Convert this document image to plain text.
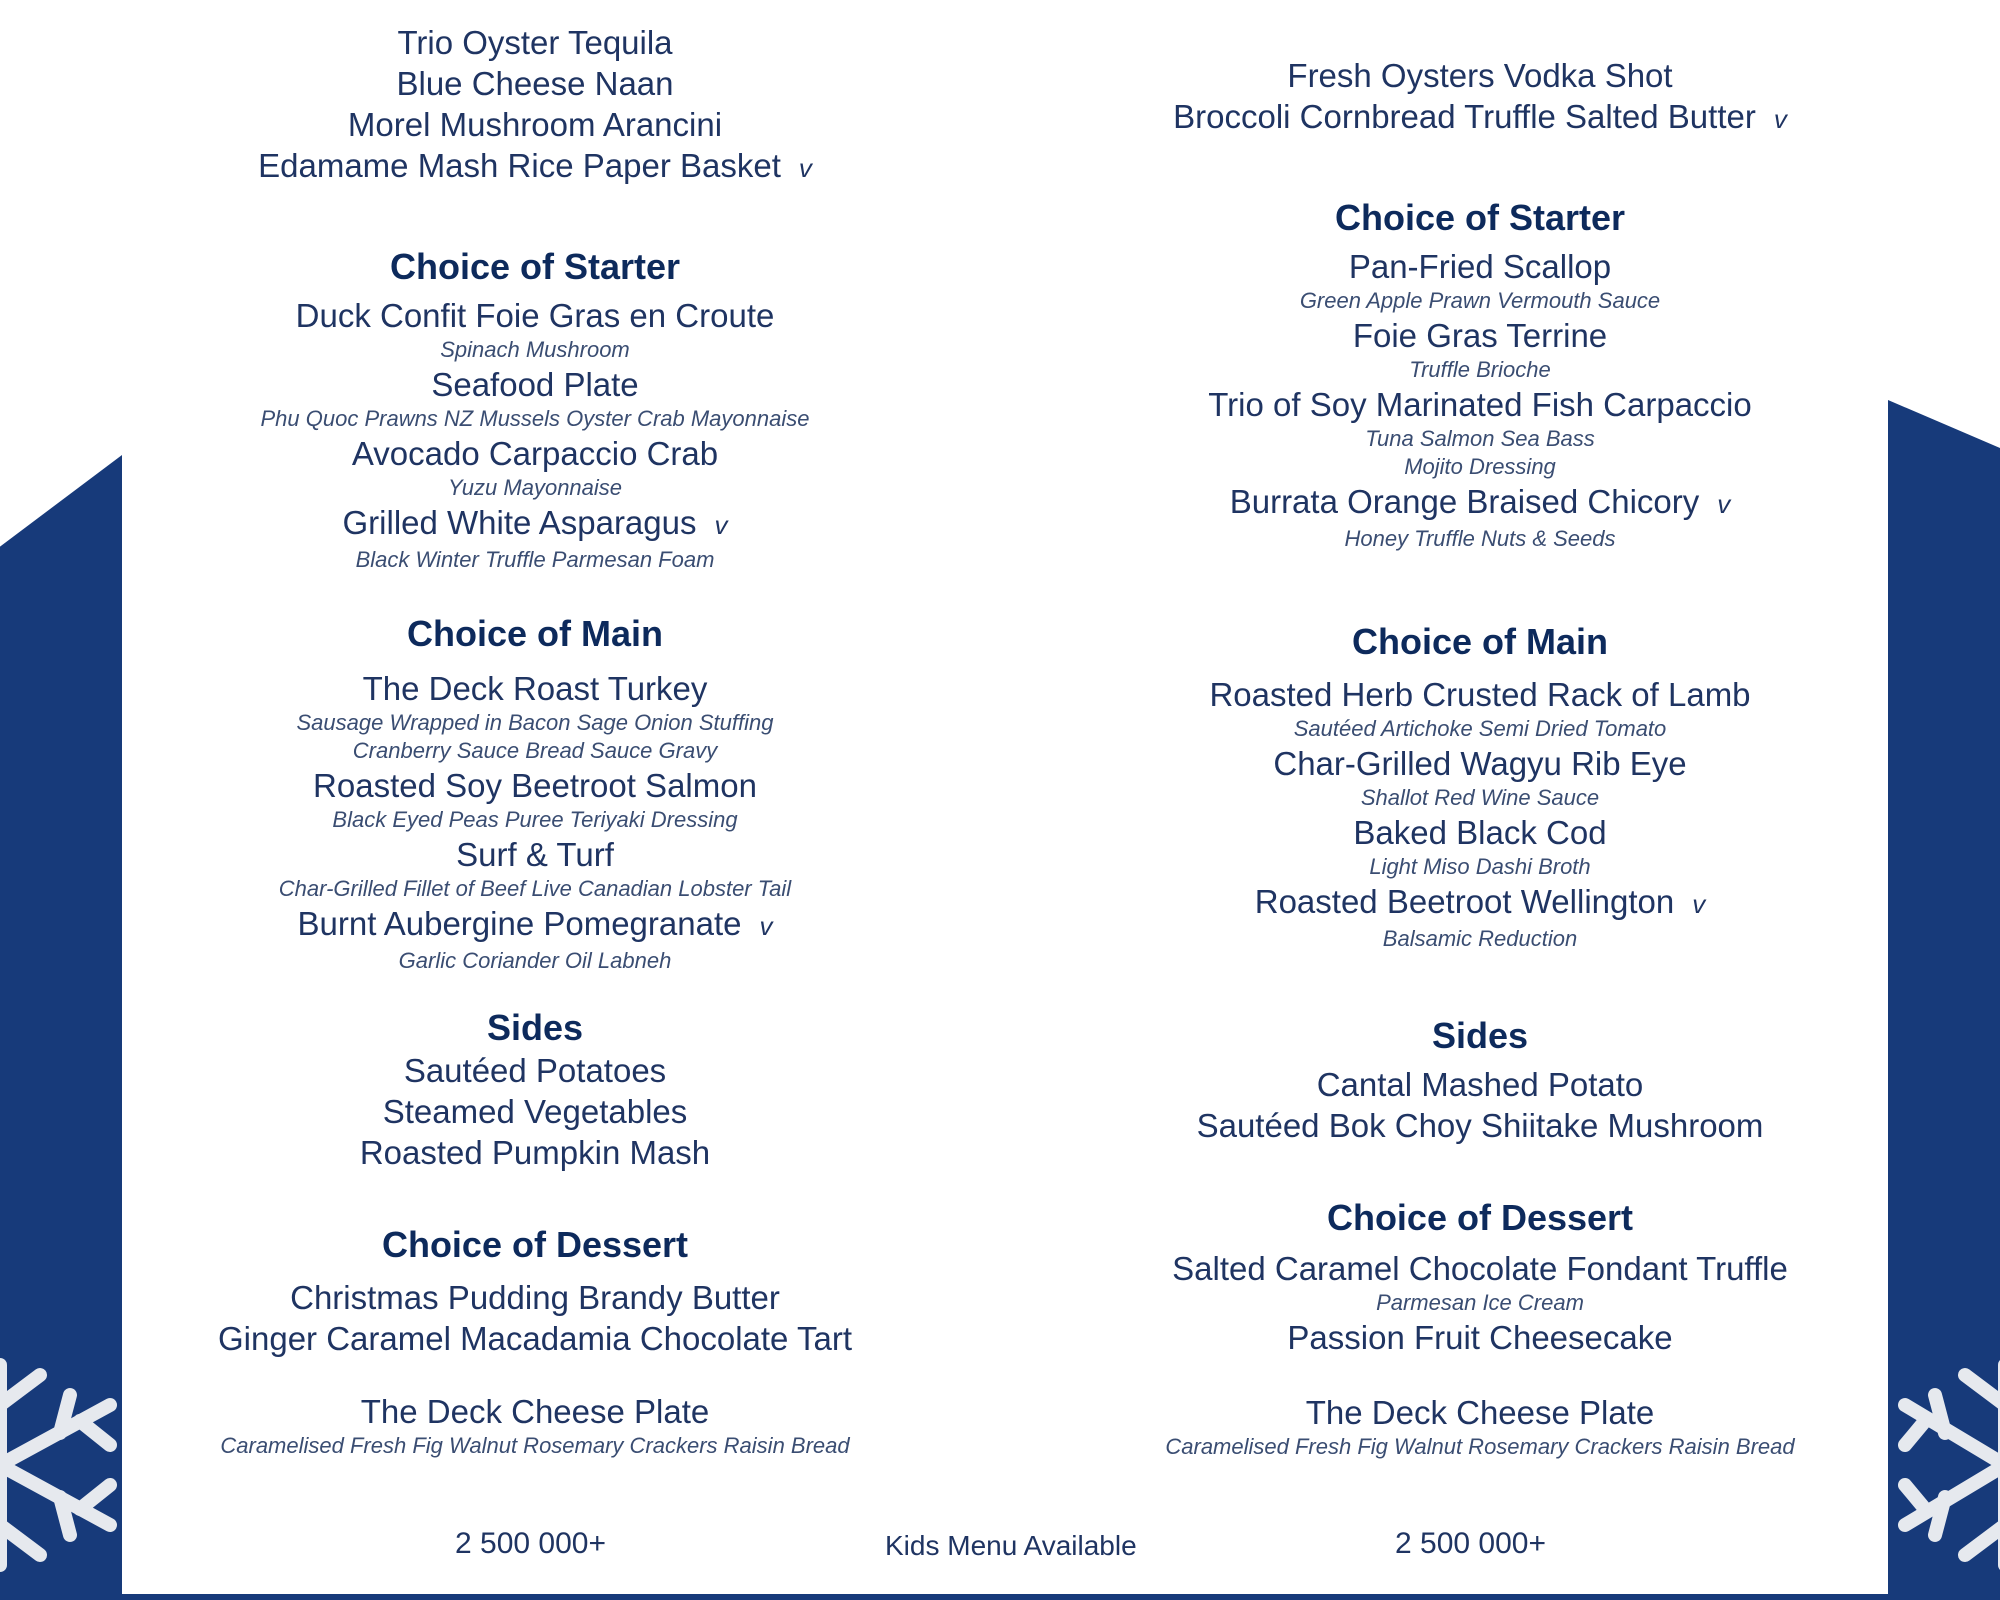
Trio Oyster Tequila
Blue Cheese Naan
Morel Mushroom Arancini
Edamame Mash Rice Paper Basket v
Choice of Starter
Duck Confit Foie Gras en Croute
Spinach Mushroom
Seafood Plate
Phu Quoc Prawns NZ Mussels Oyster Crab Mayonnaise
Avocado Carpaccio Crab
Yuzu Mayonnaise
Grilled White Asparagus v
Black Winter Truffle Parmesan Foam
Choice of Main
The Deck Roast Turkey
Sausage Wrapped in Bacon Sage Onion Stuffing
Cranberry Sauce Bread Sauce Gravy
Roasted Soy Beetroot Salmon
Black Eyed Peas Puree Teriyaki Dressing
Surf & Turf
Char-Grilled Fillet of Beef Live Canadian Lobster Tail
Burnt Aubergine Pomegranate v
Garlic Coriander Oil Labneh
Sides
Sautéed Potatoes
Steamed Vegetables
Roasted Pumpkin Mash
Choice of Dessert
Christmas Pudding Brandy Butter
Ginger Caramel Macadamia Chocolate Tart
The Deck Cheese Plate
Caramelised Fresh Fig Walnut Rosemary Crackers Raisin Bread
2 500 000+
Fresh Oysters Vodka Shot
Broccoli Cornbread Truffle Salted Butter v
Choice of Starter
Pan-Fried Scallop
Green Apple Prawn Vermouth Sauce
Foie Gras Terrine
Truffle Brioche
Trio of Soy Marinated Fish Carpaccio
Tuna Salmon Sea Bass
Mojito Dressing
Burrata Orange Braised Chicory v
Honey Truffle Nuts & Seeds
Choice of Main
Roasted Herb Crusted Rack of Lamb
Sautéed Artichoke Semi Dried Tomato
Char-Grilled Wagyu Rib Eye
Shallot Red Wine Sauce
Baked Black Cod
Light Miso Dashi Broth
Roasted Beetroot Wellington v
Balsamic Reduction
Sides
Cantal Mashed Potato
Sautéed Bok Choy Shiitake Mushroom
Choice of Dessert
Salted Caramel Chocolate Fondant Truffle
Parmesan Ice Cream
Passion Fruit Cheesecake
The Deck Cheese Plate
Caramelised Fresh Fig Walnut Rosemary Crackers Raisin Bread
2 500 000+
Kids Menu Available
